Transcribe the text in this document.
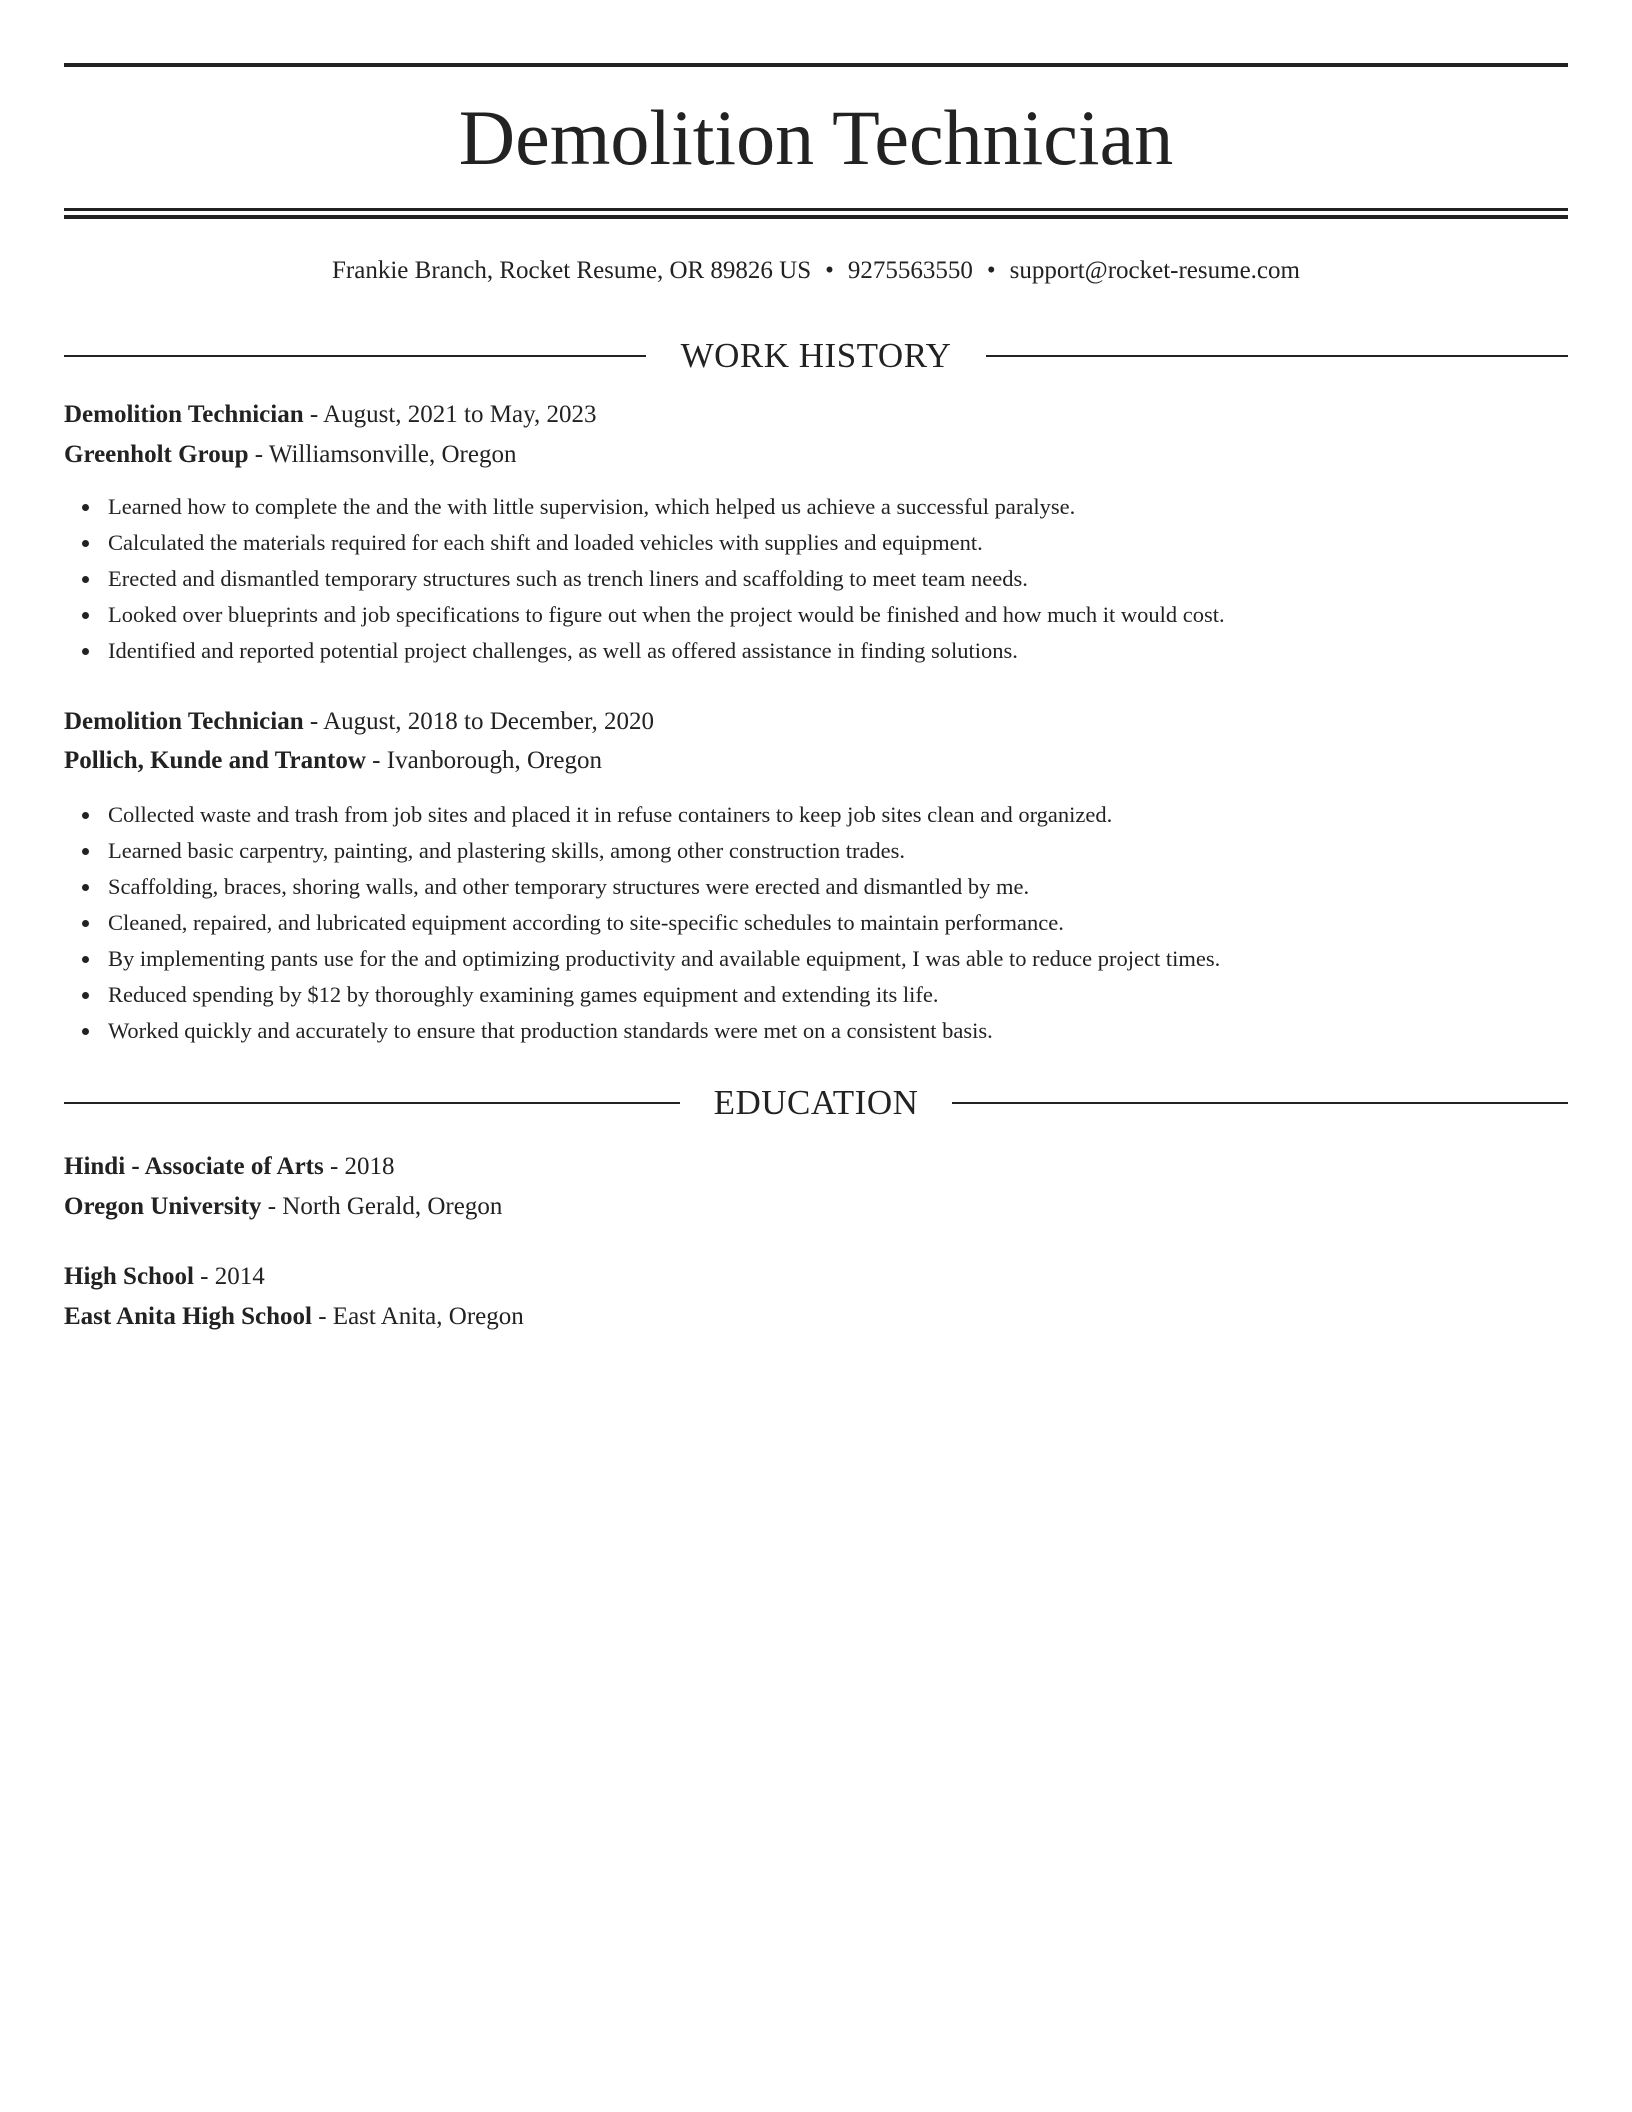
Demolition Technician
Frankie Branch, Rocket Resume, OR 89826 US • 9275563550 • support@rocket-resume.com
WORK HISTORY
Demolition Technician - August, 2021 to May, 2023
Greenholt Group - Williamsonville, Oregon
Learned how to complete the and the with little supervision, which helped us achieve a successful paralyse.
Calculated the materials required for each shift and loaded vehicles with supplies and equipment.
Erected and dismantled temporary structures such as trench liners and scaffolding to meet team needs.
Looked over blueprints and job specifications to figure out when the project would be finished and how much it would cost.
Identified and reported potential project challenges, as well as offered assistance in finding solutions.
Demolition Technician - August, 2018 to December, 2020
Pollich, Kunde and Trantow - Ivanborough, Oregon
Collected waste and trash from job sites and placed it in refuse containers to keep job sites clean and organized.
Learned basic carpentry, painting, and plastering skills, among other construction trades.
Scaffolding, braces, shoring walls, and other temporary structures were erected and dismantled by me.
Cleaned, repaired, and lubricated equipment according to site-specific schedules to maintain performance.
By implementing pants use for the and optimizing productivity and available equipment, I was able to reduce project times.
Reduced spending by $12 by thoroughly examining games equipment and extending its life.
Worked quickly and accurately to ensure that production standards were met on a consistent basis.
EDUCATION
Hindi - Associate of Arts - 2018
Oregon University - North Gerald, Oregon
High School - 2014
East Anita High School - East Anita, Oregon
